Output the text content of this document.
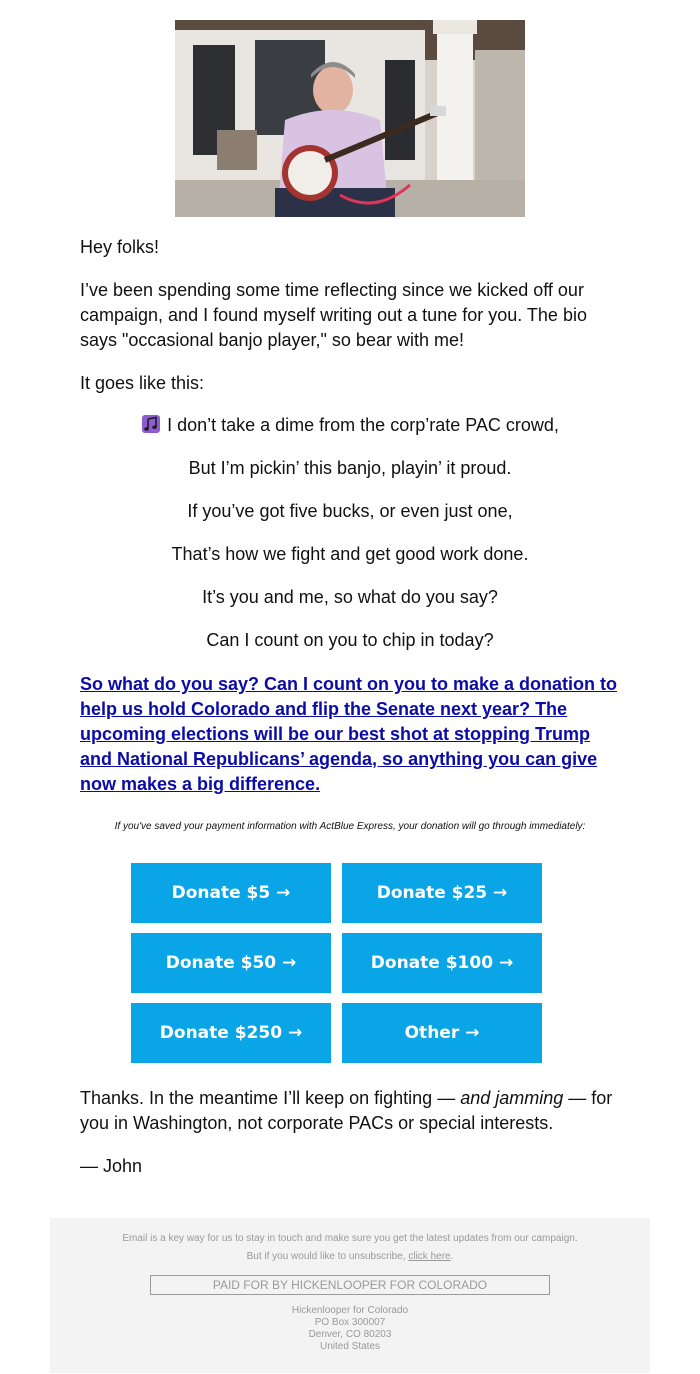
Hey folks!

I’ve been spending some time reflecting since we kicked off our campaign, and I found myself writing out a tune for you. The bio says "occasional banjo player," so bear with me!

It goes like this:

I don’t take a dime from the corp’rate PAC crowd,

But I’m pickin’ this banjo, playin’ it proud.

If you’ve got five bucks, or even just one,

That’s how we fight and get good work done.

It’s you and me, so what do you say?

Can I count on you to chip in today?

So what do you say? Can I count on you to make a donation to help us hold Colorado and flip the Senate next year? The upcoming elections will be our best shot at stopping Trump and National Republicans’ agenda, so anything you can give now makes a big difference.

If you've saved your payment information with ActBlue Express, your donation will go through immediately:

Donate $5 →	Donate $25 →
Donate $50 →	Donate $100 →
Donate $250 →	Other →

Thanks. In the meantime I’ll keep on fighting — and jamming — for you in Washington, not corporate PACs or special interests.

— John

Email is a key way for us to stay in touch and make sure you get the latest updates from our campaign.

But if you would like to unsubscribe, click here.

PAID FOR BY HICKENLOOPER FOR COLORADO
Hickenlooper for Colorado
PO Box 300007
Denver, CO 80203
United States
